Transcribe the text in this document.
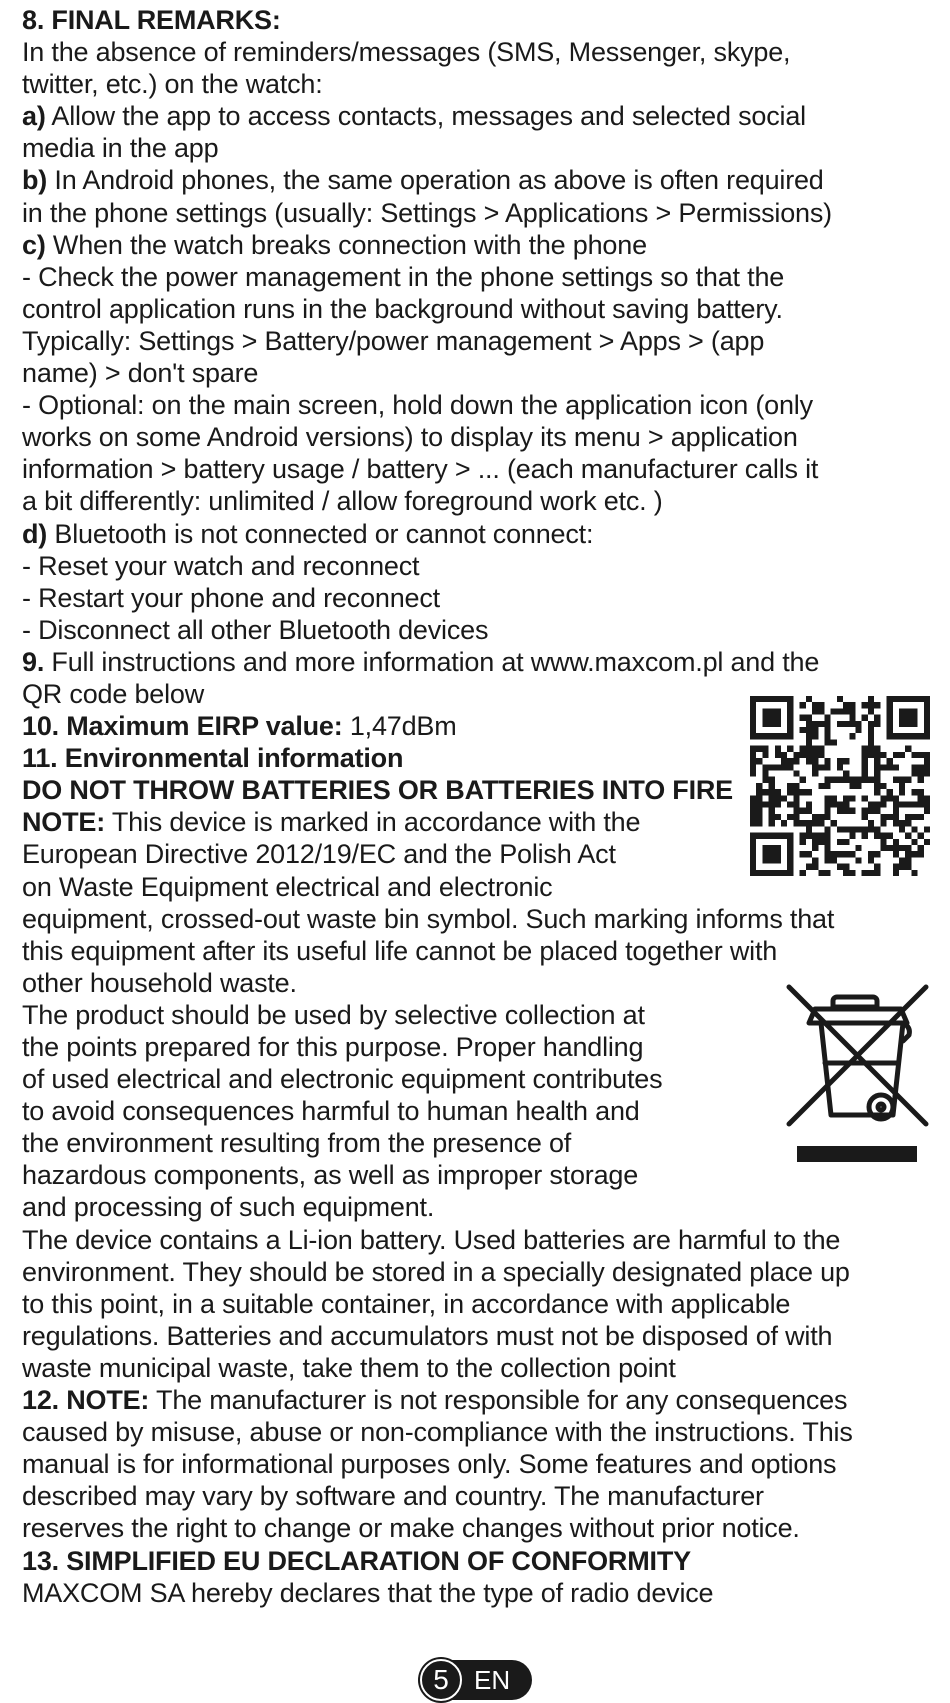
8. FINAL REMARKS:
In the absence of reminders/messages (SMS, Messenger, skype,
twitter, etc.) on the watch:
a) Allow the app to access contacts, messages and selected social
media in the app
b) In Android phones, the same operation as above is often required
in the phone settings (usually: Settings > Applications > Permissions)
c) When the watch breaks connection with the phone
- Check the power management in the phone settings so that the
control application runs in the background without saving battery.
Typically: Settings > Battery/power management > Apps > (app
name) > don't spare
- Optional: on the main screen, hold down the application icon (only
works on some Android versions) to display its menu > application
information > battery usage / battery > ... (each manufacturer calls it
a bit differently: unlimited / allow foreground work etc. )
d) Bluetooth is not connected or cannot connect:
- Reset your watch and reconnect
- Restart your phone and reconnect
- Disconnect all other Bluetooth devices
9. Full instructions and more information at www.maxcom.pl and the
QR code below
10. Maximum EIRP value: 1,47dBm
11. Environmental information
DO NOT THROW BATTERIES OR BATTERIES INTO FIRE
NOTE: This device is marked in accordance with the
European Directive 2012/19/EC and the Polish Act
on Waste Equipment electrical and electronic
equipment, crossed-out waste bin symbol. Such marking informs that
this equipment after its useful life cannot be placed together with
other household waste.
The product should be used by selective collection at
the points prepared for this purpose. Proper handling
of used electrical and electronic equipment contributes
to avoid consequences harmful to human health and
the environment resulting from the presence of
hazardous components, as well as improper storage
and processing of such equipment.
The device contains a Li-ion battery. Used batteries are harmful to the
environment. They should be stored in a specially designated place up
to this point, in a suitable container, in accordance with applicable
regulations. Batteries and accumulators must not be disposed of with
waste municipal waste, take them to the collection point
12. NOTE: The manufacturer is not responsible for any consequences
caused by misuse, abuse or non-compliance with the instructions. This
manual is for informational purposes only. Some features and options
described may vary by software and country. The manufacturer
reserves the right to change or make changes without prior notice.
13. SIMPLIFIED EU DECLARATION OF CONFORMITY
MAXCOM SA hereby declares that the type of radio device
5 EN
